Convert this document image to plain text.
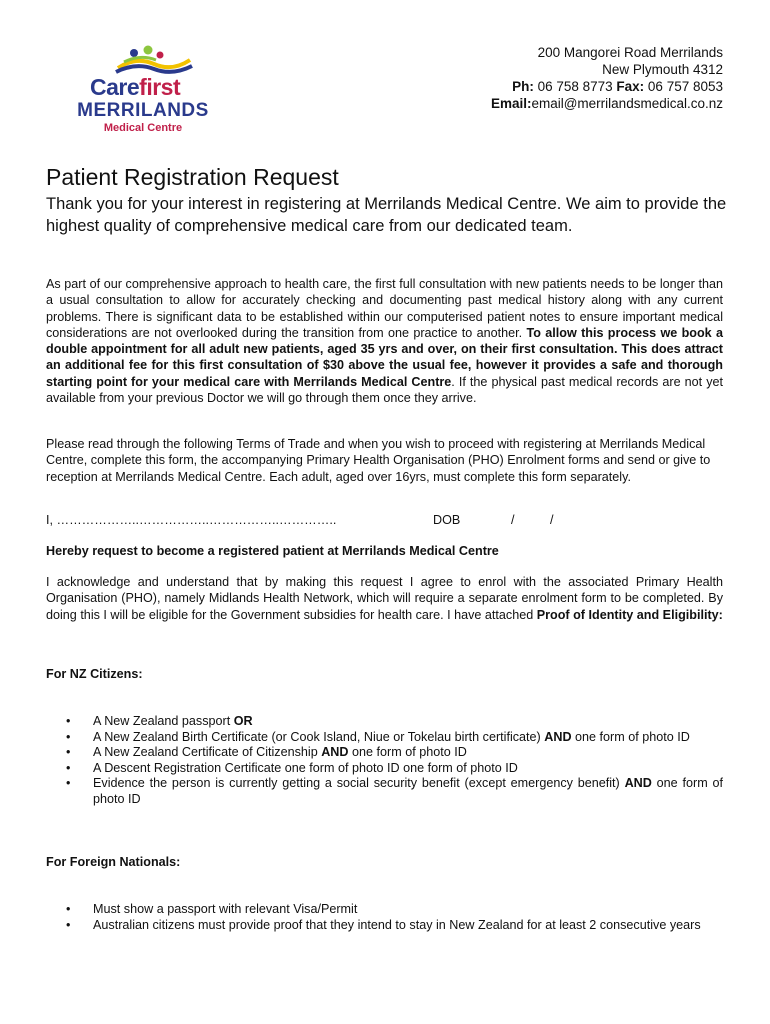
Carefirst
MERRILANDS
Medical Centre
200 Mangorei Road Merrilands
New Plymouth 4312
Ph: 06 758 8773 Fax: 06 757 8053
Email:email@merrilandsmedical.co.nz
Patient Registration Request

Thank you for your interest in registering at Merrilands Medical Centre. We aim to provide the highest quality of comprehensive medical care from our dedicated team.

As part of our comprehensive approach to health care, the first full consultation with new patients needs to be longer than a usual consultation to allow for accurately checking and documenting past medical history along with any current problems. There is significant data to be established within our computerised patient notes to ensure important medical considerations are not overlooked during the transition from one practice to another. To allow this process we book a double appointment for all adult new patients, aged 35 yrs and over, on their first consultation. This does attract an additional fee for this first consultation of $30 above the usual fee, however it provides a safe and thorough starting point for your medical care with Merrilands Medical Centre. If the physical past medical records are not yet available from your previous Doctor we will go through them once they arrive.

Please read through the following Terms of Trade and when you wish to proceed with registering at Merrilands Medical Centre, complete this form, the accompanying Primary Health Organisation (PHO) Enrolment forms and send or give to reception at Merrilands Medical Centre. Each adult, aged over 16yrs, must complete this form separately.

I, ………………..……………..……………..…………..	DOB	/	/
Hereby request to become a registered patient at Merrilands Medical Centre

I acknowledge and understand that by making this request I agree to enrol with the associated Primary Health Organisation (PHO), namely Midlands Health Network, which will require a separate enrolment form to be completed. By doing this I will be eligible for the Government subsidies for health care. I have attached Proof of Identity and Eligibility:

For NZ Citizens:
• A New Zealand passport OR
• A New Zealand Birth Certificate (or Cook Island, Niue or Tokelau birth certificate) AND one form of photo ID
• A New Zealand Certificate of Citizenship AND one form of photo ID
• A Descent Registration Certificate one form of photo ID one form of photo ID
• Evidence the person is currently getting a social security benefit (except emergency benefit) AND one form of photo ID
For Foreign Nationals:
• Must show a passport with relevant Visa/Permit
• Australian citizens must provide proof that they intend to stay in New Zealand for at least 2 consecutive years
